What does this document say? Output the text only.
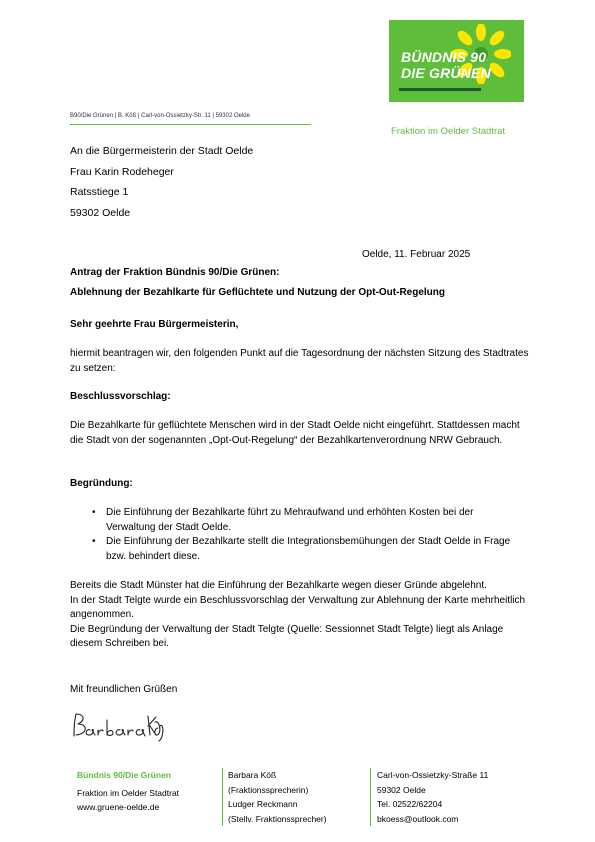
BÜNDNIS 90
DIE GRÜNEN
B90/Die Grünen | B. Köß | Carl-von-Ossietzky-Str. 11 | 59302 Oelde
Fraktion im Oelder Stadtrat
An die Bürgermeisterin der Stadt Oelde
Frau Karin Rodeheger
Ratsstiege 1
59302 Oelde
Oelde, 11. Februar 2025
Antrag der Fraktion Bündnis 90/Die Grünen:
Ablehnung der Bezahlkarte für Geflüchtete und Nutzung der Opt-Out-Regelung
Sehr geehrte Frau Bürgermeisterin,
hiermit beantragen wir, den folgenden Punkt auf die Tagesordnung der nächsten Sitzung des Stadtrates zu setzen:
Beschlussvorschlag:
Die Bezahlkarte für geflüchtete Menschen wird in der Stadt Oelde nicht eingeführt. Stattdessen macht die Stadt von der sogenannten „Opt-Out-Regelung“ der Bezahlkartenverordnung NRW Gebrauch.
Begründung:
• Die Einführung der Bezahlkarte führt zu Mehraufwand und erhöhten Kosten bei der Verwaltung der Stadt Oelde.
• Die Einführung der Bezahlkarte stellt die Integrationsbemühungen der Stadt Oelde in Frage bzw. behindert diese.
Bereits die Stadt Münster hat die Einführung der Bezahlkarte wegen dieser Gründe abgelehnt.
In der Stadt Telgte wurde ein Beschlussvorschlag der Verwaltung zur Ablehnung der Karte mehrheitlich angenommen.
Die Begründung der Verwaltung der Stadt Telgte (Quelle: Sessionnet Stadt Telgte) liegt als Anlage diesem Schreiben bei.
Mit freundlichen Grüßen
Bündnis 90/Die Grünen
Fraktion im Oelder Stadtrat
www.gruene-oelde.de
Barbara Köß
(Fraktionssprecherin)
Ludger Reckmann
(Stellv. Fraktionssprecher)
Carl-von-Ossietzky-Straße 11
59302 Oelde
Tel. 02522/62204
bkoess@outlook.com
